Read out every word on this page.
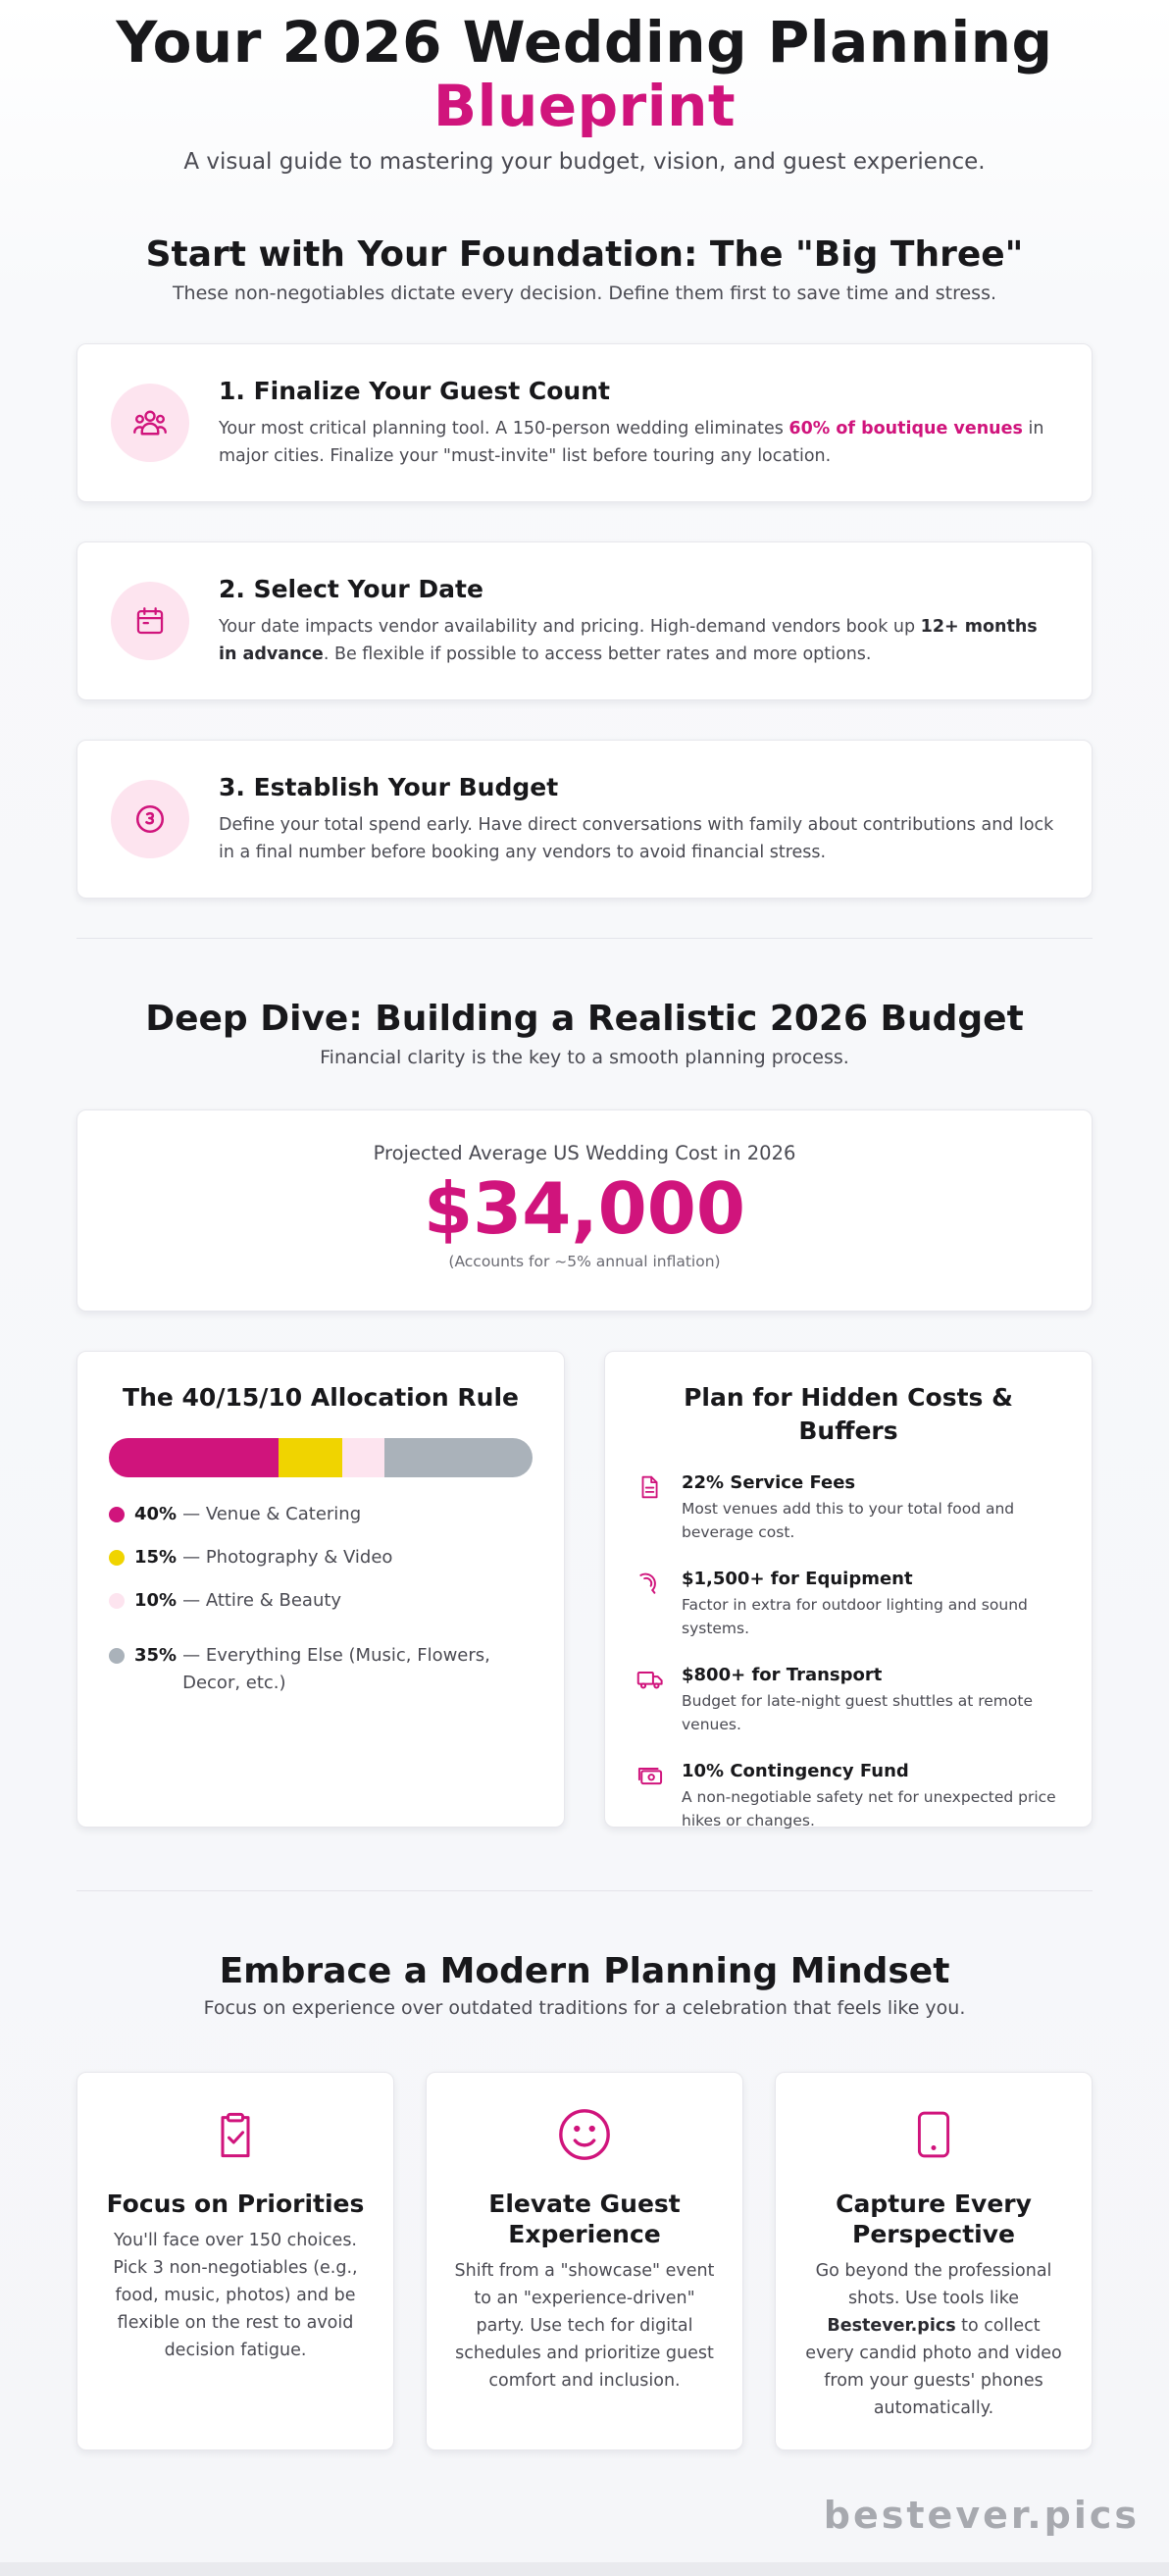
Your 2026 Wedding Planning
Blueprint

A visual guide to mastering your budget, vision, and guest experience.

Start with Your Foundation: The "Big Three"

These non-negotiables dictate every decision. Define them first to save time and stress.

1. Finalize Your Guest Count

Your most critical planning tool. A 150-person wedding eliminates 60% of boutique venues in major cities. Finalize your "must-invite" list before touring any location.

2. Select Your Date

Your date impacts vendor availability and pricing. High-demand vendors book up 12+ months in advance. Be flexible if possible to access better rates and more options.

3. Establish Your Budget

Define your total spend early. Have direct conversations with family about contributions and lock in a final number before booking any vendors to avoid financial stress.

Deep Dive: Building a Realistic 2026 Budget

Financial clarity is the key to a smooth planning process.

Projected Average US Wedding Cost in 2026
$34,000
(Accounts for ~5% annual inflation)
The 40/15/10 Allocation Rule
40% — Venue & Catering
15% — Photography & Video
10% — Attire & Beauty
35% — Everything Else (Music, Flowers, Decor, etc.)
Plan for Hidden Costs & Buffers
22% Service Fees

Most venues add this to your total food and beverage cost.

$1,500+ for Equipment

Factor in extra for outdoor lighting and sound systems.

$800+ for Transport

Budget for late-night guest shuttles at remote venues.

10% Contingency Fund

A non-negotiable safety net for unexpected price hikes or changes.

Embrace a Modern Planning Mindset

Focus on experience over outdated traditions for a celebration that feels like you.

Focus on Priorities

You'll face over 150 choices. Pick 3 non-negotiables (e.g., food, music, photos) and be flexible on the rest to avoid decision fatigue.

Elevate Guest Experience

Shift from a "showcase" event to an "experience-driven" party. Use tech for digital schedules and prioritize guest comfort and inclusion.

Capture Every Perspective

Go beyond the professional shots. Use tools like Bestever.pics to collect every candid photo and video from your guests' phones automatically.

bestever.pics
